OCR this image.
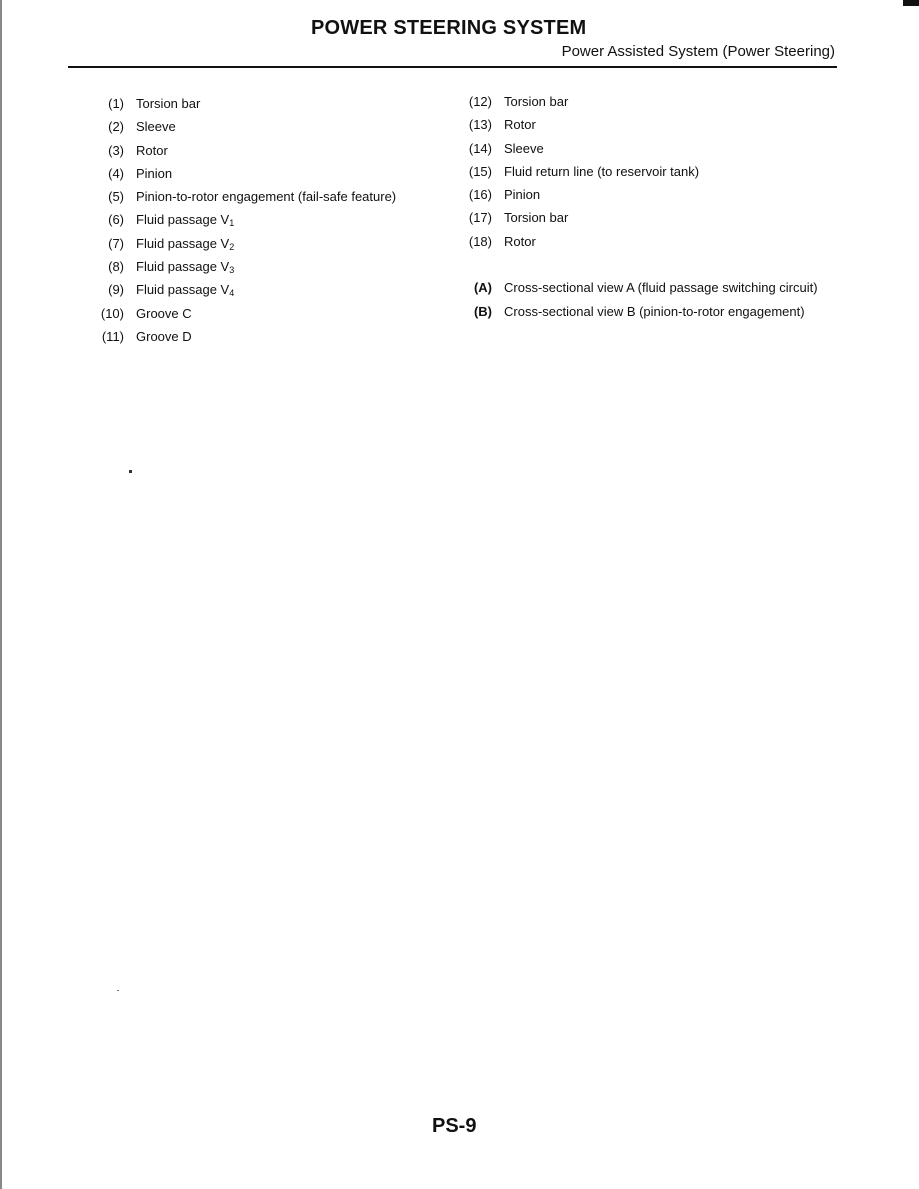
POWER STEERING SYSTEM
Power Assisted System (Power Steering)
(1) Torsion bar
(2) Sleeve
(3) Rotor
(4) Pinion
(5) Pinion-to-rotor engagement (fail-safe feature)
(6) Fluid passage $V_1$
(7) Fluid passage $V_2$
(8) Fluid passage $V_3$
(9) Fluid passage $V_4$
(10) Groove C
(11) Groove D
(12) Torsion bar
(13) Rotor
(14) Sleeve
(15) Fluid return line (to reservoir tank)
(16) Pinion
(17) Torsion bar
(18) Rotor
(A) Cross-sectional view A (fluid passage switching circuit)
(B) Cross-sectional view B (pinion-to-rotor engagement)
PS-9
